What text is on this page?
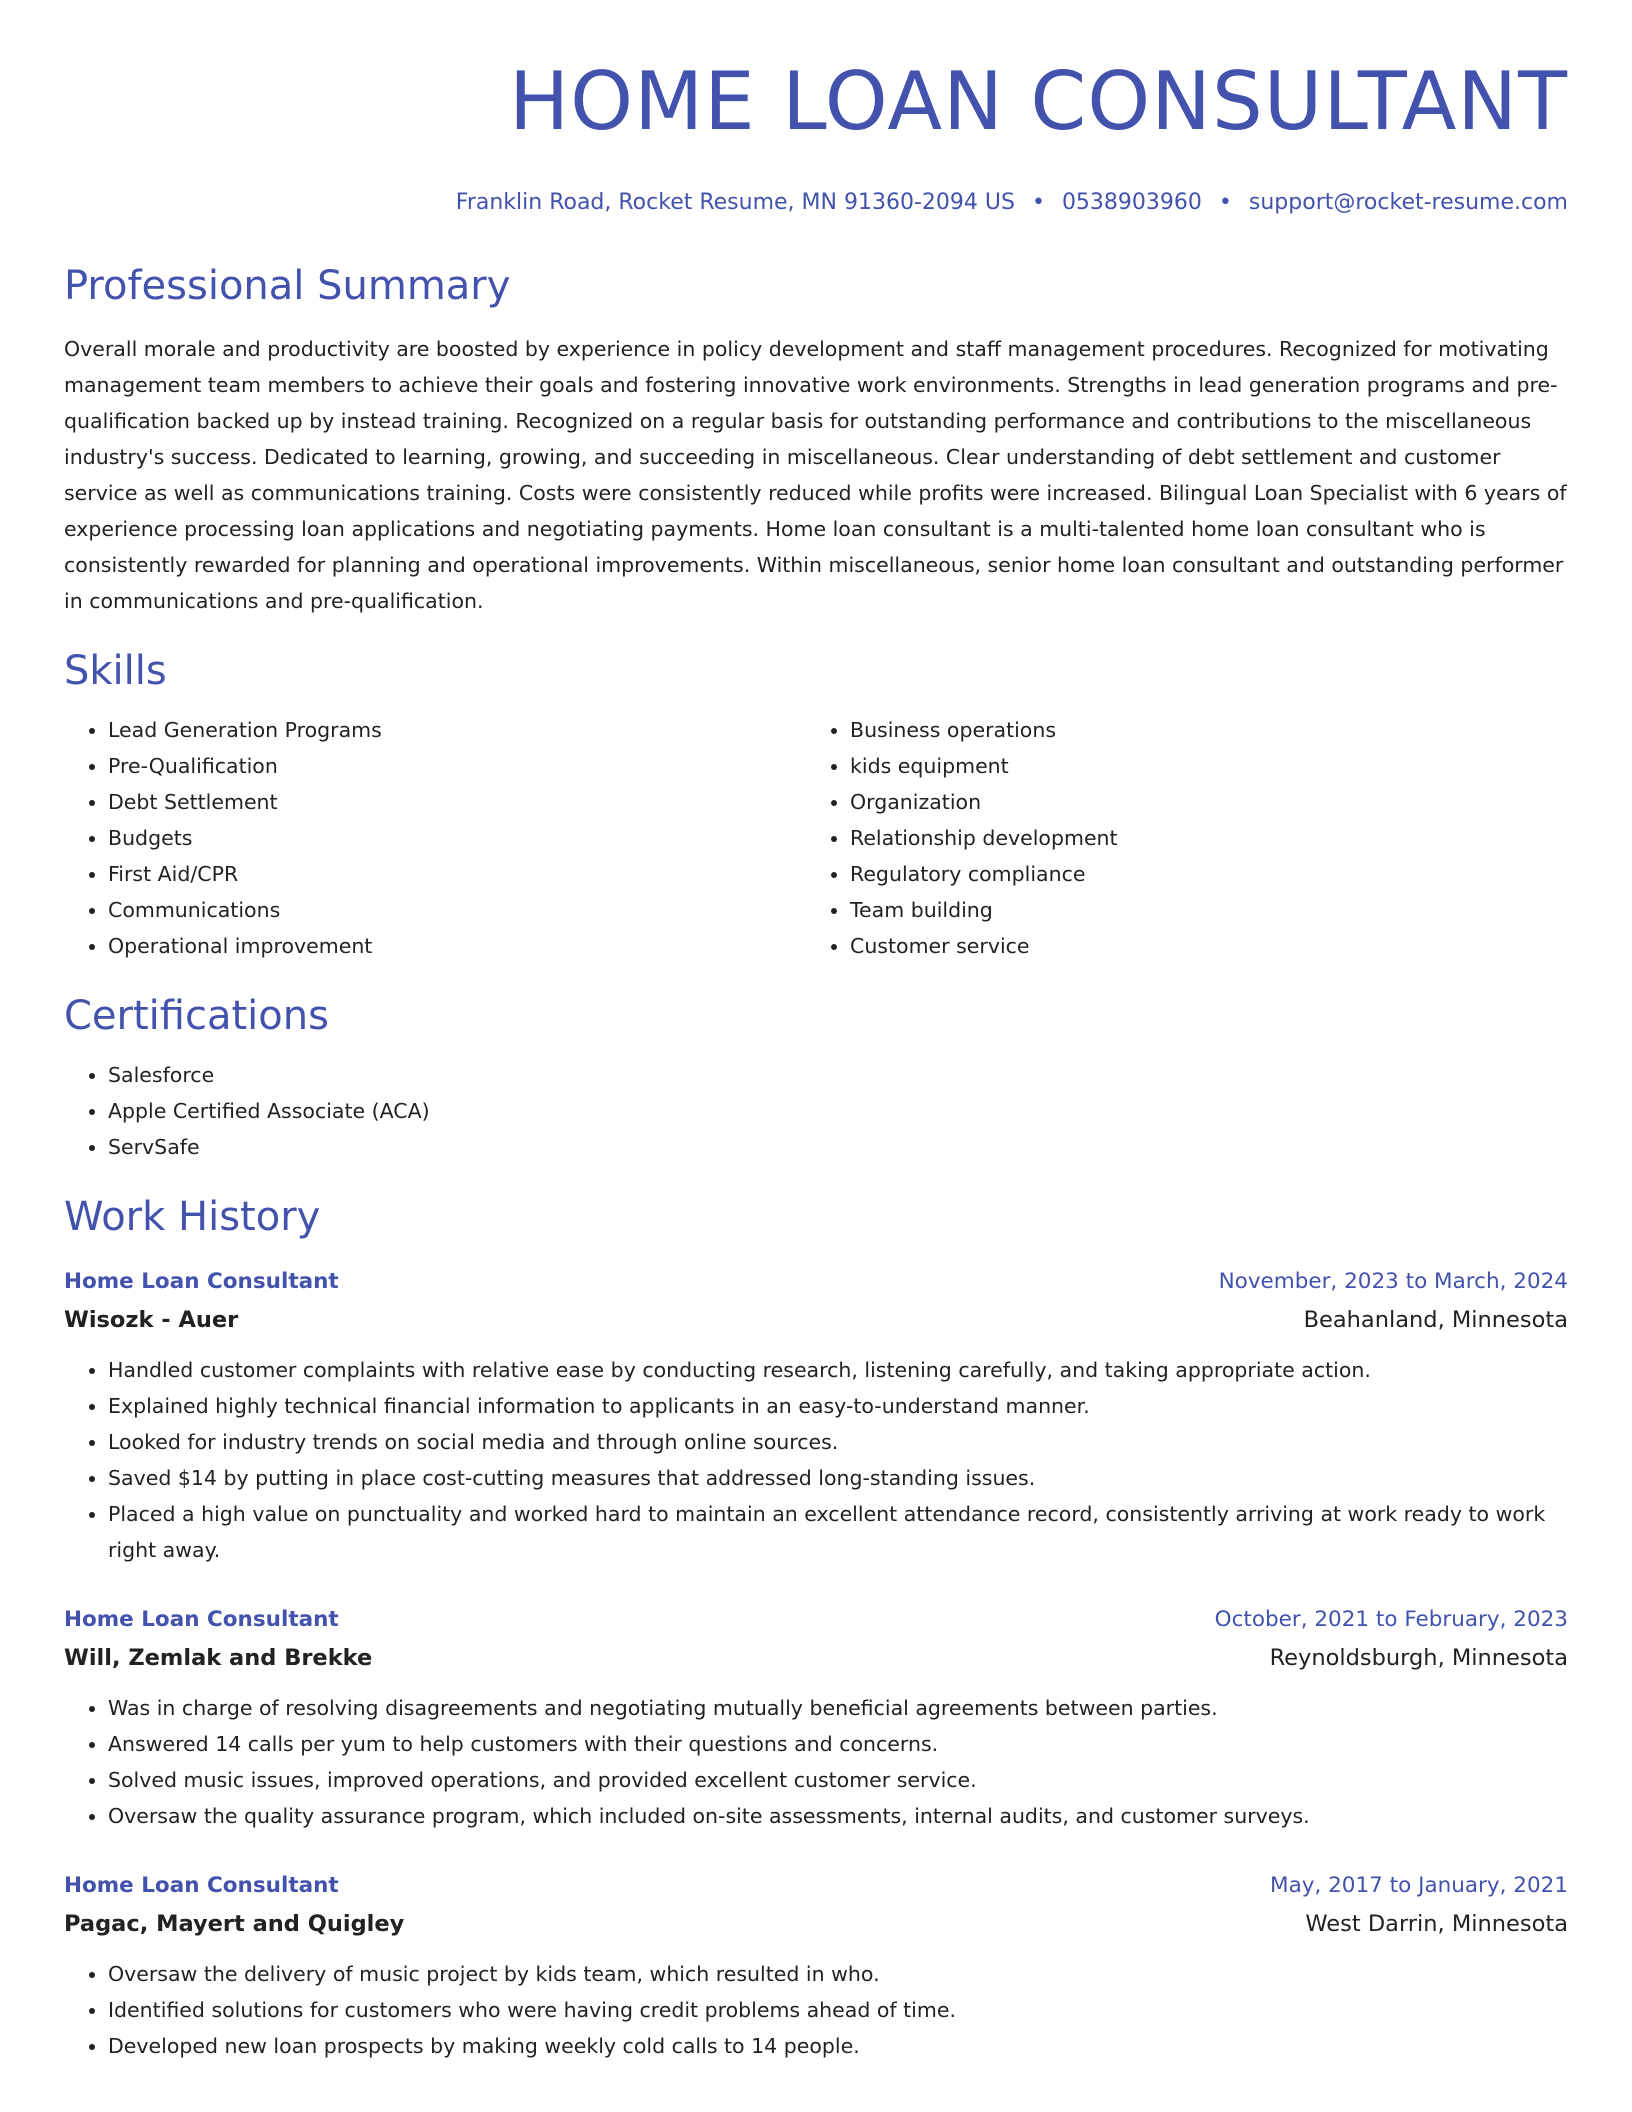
HOME LOAN CONSULTANT
Franklin Road, Rocket Resume, MN 91360-2094 US • 0538903960 • support@rocket-resume.com
Professional Summary
Overall morale and productivity are boosted by experience in policy development and staff management procedures. Recognized for motivating management team members to achieve their goals and fostering innovative work environments. Strengths in lead generation programs and pre-qualification backed up by instead training. Recognized on a regular basis for outstanding performance and contributions to the miscellaneous industry's success. Dedicated to learning, growing, and succeeding in miscellaneous. Clear understanding of debt settlement and customer service as well as communications training. Costs were consistently reduced while profits were increased. Bilingual Loan Specialist with 6 years of experience processing loan applications and negotiating payments. Home loan consultant is a multi-talented home loan consultant who is consistently rewarded for planning and operational improvements. Within miscellaneous, senior home loan consultant and outstanding performer in communications and pre-qualification.
Skills
• Lead Generation Programs
• Pre-Qualification
• Debt Settlement
• Budgets
• First Aid/CPR
• Communications
• Operational improvement
• Business operations
• kids equipment
• Organization
• Relationship development
• Regulatory compliance
• Team building
• Customer service
Certifications
• Salesforce
• Apple Certified Associate (ACA)
• ServSafe
Work History
Home Loan Consultant	November, 2023 to March, 2024
Wisozk - Auer	Beahanland, Minnesota
• Handled customer complaints with relative ease by conducting research, listening carefully, and taking appropriate action.
• Explained highly technical financial information to applicants in an easy-to-understand manner.
• Looked for industry trends on social media and through online sources.
• Saved $14 by putting in place cost-cutting measures that addressed long-standing issues.
• Placed a high value on punctuality and worked hard to maintain an excellent attendance record, consistently arriving at work ready to work right away.
Home Loan Consultant	October, 2021 to February, 2023
Will, Zemlak and Brekke	Reynoldsburgh, Minnesota
• Was in charge of resolving disagreements and negotiating mutually beneficial agreements between parties.
• Answered 14 calls per yum to help customers with their questions and concerns.
• Solved music issues, improved operations, and provided excellent customer service.
• Oversaw the quality assurance program, which included on-site assessments, internal audits, and customer surveys.
Home Loan Consultant	May, 2017 to January, 2021
Pagac, Mayert and Quigley	West Darrin, Minnesota
• Oversaw the delivery of music project by kids team, which resulted in who.
• Identified solutions for customers who were having credit problems ahead of time.
• Developed new loan prospects by making weekly cold calls to 14 people.
